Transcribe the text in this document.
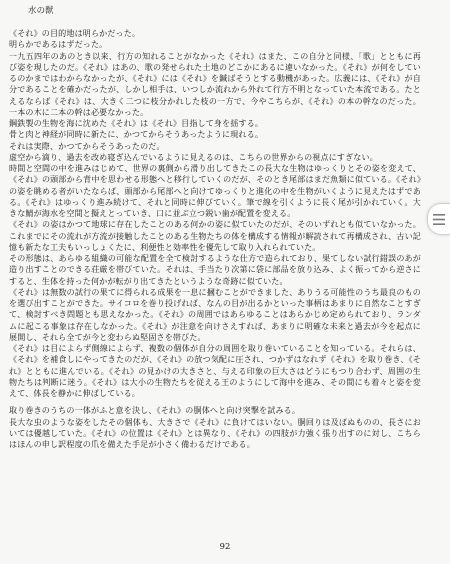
水の獣

《それ》の目的地は明らかだった。

明らかであるはずだった。

一九五四年のあのとき以来、行方の知れることがなかった《それ》はまた、この自分と同様、「歌」とともに再び姿を現したのだ。《それ》はあの、歌の発せられた土地のどこかにあるに違いなかった。《それ》が何をしているのかまではわからなかったが、《それ》には《それ》を鍼ばそうとする動機があった。広義には、《それ》が自分であることを確かだったが、しかし相手は、いつしか流れから外れて行方不明となっていた本流である。たとえるならば《それ》は、大きく二つに枝分かれした枝の一方で、今やこちらが、《それ》の本の幹なのだった。一本の木に二本の幹は必要なかった。

鋼鉄製の生物を海に沈めた《それ》は《それ》目指して身を揺する。

骨と肉と神経が同時に新たに、かつてからそうあったように現れる。

それは実際、かつてからそうあったのだ。

虚空から滴り、過去を改め寝ぎ込んでいるように見えるのは、こちらの世界からの視点にすぎない。

時間と空間の中を進みはじめて、世界の裏側から滑り出してきたこの長大な生物はゆっくりとその姿を変えて、《それ》の頭部から背中を思わせる形態へと移行していくのだが、そのとき尾部はまだ魚類に似ている。《それ》の姿を眺める者がいたならば、頭部から尾部へと向けてゆっくりと進化の中を生物がいくように見えたはずである。《それ》はゆっくり進み続けて、それと同時に伸びていく。筆で線を引くように長く尾が引かれていく。大きな鯖が海水を空間と擬えとっていき、口に並ぶ立つ鋭い歯が配置を変える。

《それ》の姿はかつて地球に存在したことのある何かの姿に似ていたのだが、そのいずれとも似ていなかった。これまでにその流れが方流が接触したことのある生物たちの体を構成する情報が解読されて再構成され、古い記憶も新たな工夫もいっしょくたに、利便性と効率性を優先して取り入れられていた。

その形態は、あらゆる組織の可能な配置を全て検討するような仕方で造られており、果てしない試行錯誤のあが造り出すことのできる荘厳を帯びていた。それは、手当たり次第に袋に部品を放り込み、よく振ってから逆さにすると、生体を持った何かが転がり出てきたというような奇跡に似ていた。

《それ》は無数の試行の果てに得られる成果を一息に摑むことができました、ありうる可能性のうち最良のものを選び出すことができた。サイコロを巻り投げれば、なんの目が出るかといった事柄はあまりに自然なことすぎて、検討すべき問題とも思えなかった。《それ》の周囲ではあらゆることはあらかじめ定められており、ランダムに起こる事象は存在しなかった。《それ》が注意を向けさえすれば、あまりに明確な未来と過去が今を起点に展開し、それら全てが今と変わらぬ堅固さを帯びた。

《それ》は目によらず側線によらず、複数の個体が自分の周囲を取り巻いていることを知っている。それらは、《それ》を補食しにやってきたのだが、《それ》の放つ気配に圧され、つかずはなれず《それ》を取り巻き、《それ》とともに進んでいる。《それ》の見かけの大きさと、与える印象の巨大さはどうにもつり合わず、周囲の生物たちは判断に迷う。《それ》は大小の生物たちを従える王のようにして海中を進み、その間にも着々と姿を変えて、体長を静かに伸ばしている。

取り巻きのうちの一体がふと意を決し、《それ》の胴体へと向け突撃を試みる。

長大な虫のような姿をしたその個体も、大きさで《それ》に負けてはいない。胴回りは及ばぬものの、長さにおいては優越していた。《それ》の位置は《それ》とは異なり、《それ》の四肢が力強く張り出すのに対し、こちらはほんの申し訳程度の爪を備えた手足が小さく備わるだけである。

92
